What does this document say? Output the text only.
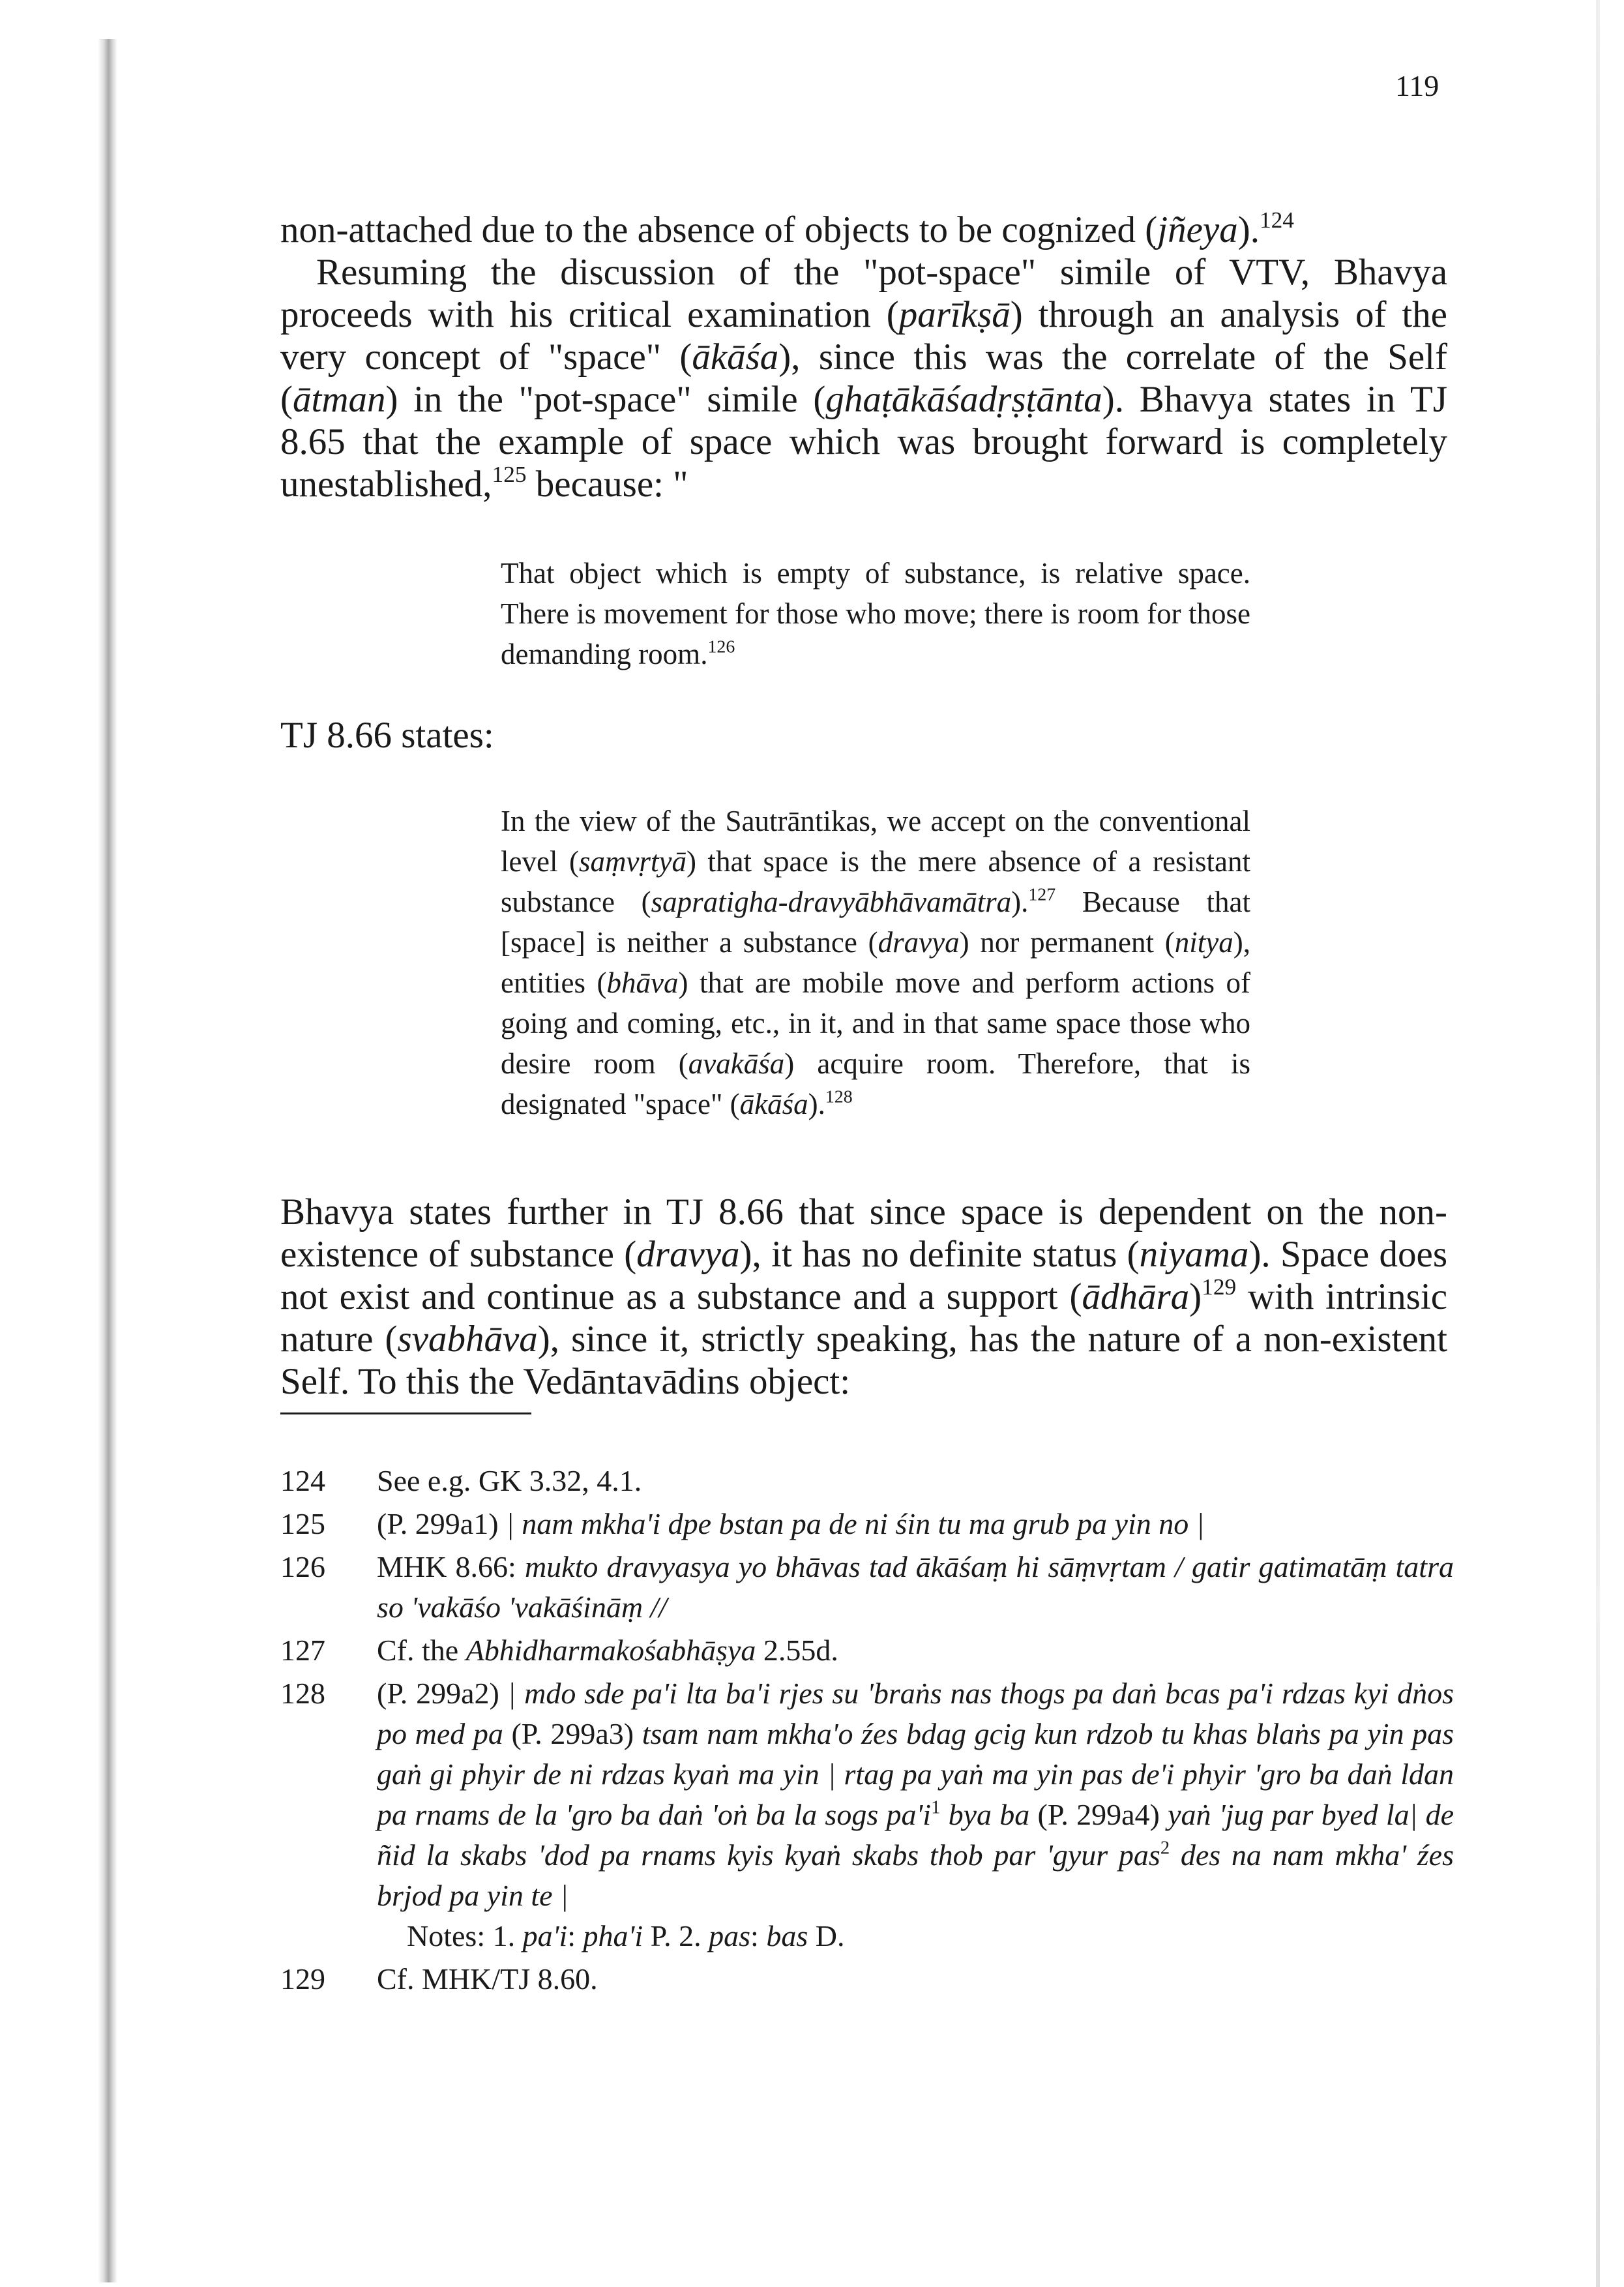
119

non-attached due to the absence of objects to be cognized (jñeya).$^{124}$

Resuming the discussion of the "pot-space" simile of VTV, Bhavya proceeds with his critical examination (parīkṣā) through an analysis of the very concept of "space" (ākāśa), since this was the correlate of the Self (ātman) in the "pot-space" simile (ghaṭākāśadṛṣṭānta). Bhavya states in TJ 8.65 that the example of space which was brought forward is completely unestablished,$^{125}$ because: "

That object which is empty of substance, is relative space. There is movement for those who move; there is room for those demanding room.$^{126}$
TJ 8.66 states:
In the view of the Sautrāntikas, we accept on the conventional level (saṃvṛtyā) that space is the mere absence of a resistant substance (sapratigha-dravyābhāvamātra).$^{127}$ Because that [space] is neither a substance (dravya) nor permanent (nitya), entities (bhāva) that are mobile move and perform actions of going and coming, etc., in it, and in that same space those who desire room (avakāśa) acquire room. Therefore, that is designated "space" (ākāśa).$^{128}$

Bhavya states further in TJ 8.66 that since space is dependent on the non-existence of substance (dravya), it has no definite status (niyama). Space does not exist and continue as a substance and a support (ādhāra)$^{129}$ with intrinsic nature (svabhāva), since it, strictly speaking, has the nature of a non-existent Self. To this the Vedāntavādins object:

124	See e.g. GK 3.32, 4.1.
125	(P. 299a1) | nam mkha'i dpe bstan pa de ni śin tu ma grub pa yin no |
126	MHK 8.66: mukto dravyasya yo bhāvas tad ākāśaṃ hi sāṃvṛtam / gatir gatimatāṃ tatra so 'vakāśo 'vakāśināṃ //
127	Cf. the Abhidharmakośabhāṣya 2.55d.
128	(P. 299a2) | mdo sde pa'i lta ba'i rjes su 'braṅs nas thogs pa daṅ bcas pa'i rdzas kyi dṅos po med pa (P. 299a3) tsam nam mkha'o źes bdag gcig kun rdzob tu khas blaṅs pa yin pas gaṅ gi phyir de ni rdzas kyaṅ ma yin | rtag pa yaṅ ma yin pas de'i phyir 'gro ba daṅ ldan pa rnams de la 'gro ba daṅ 'oṅ ba la sogs $pa'i^1$ bya ba (P. 299a4) yaṅ 'jug par byed la| de ñid la skabs 'dod pa rnams kyis kyaṅ skabs thob par 'gyur pas$^2$ des na nam mkha' źes brjod pa yin te |
Notes: 1. pa'i: pha'i P. 2. pas: bas D.
129	Cf. MHK/TJ 8.60.
